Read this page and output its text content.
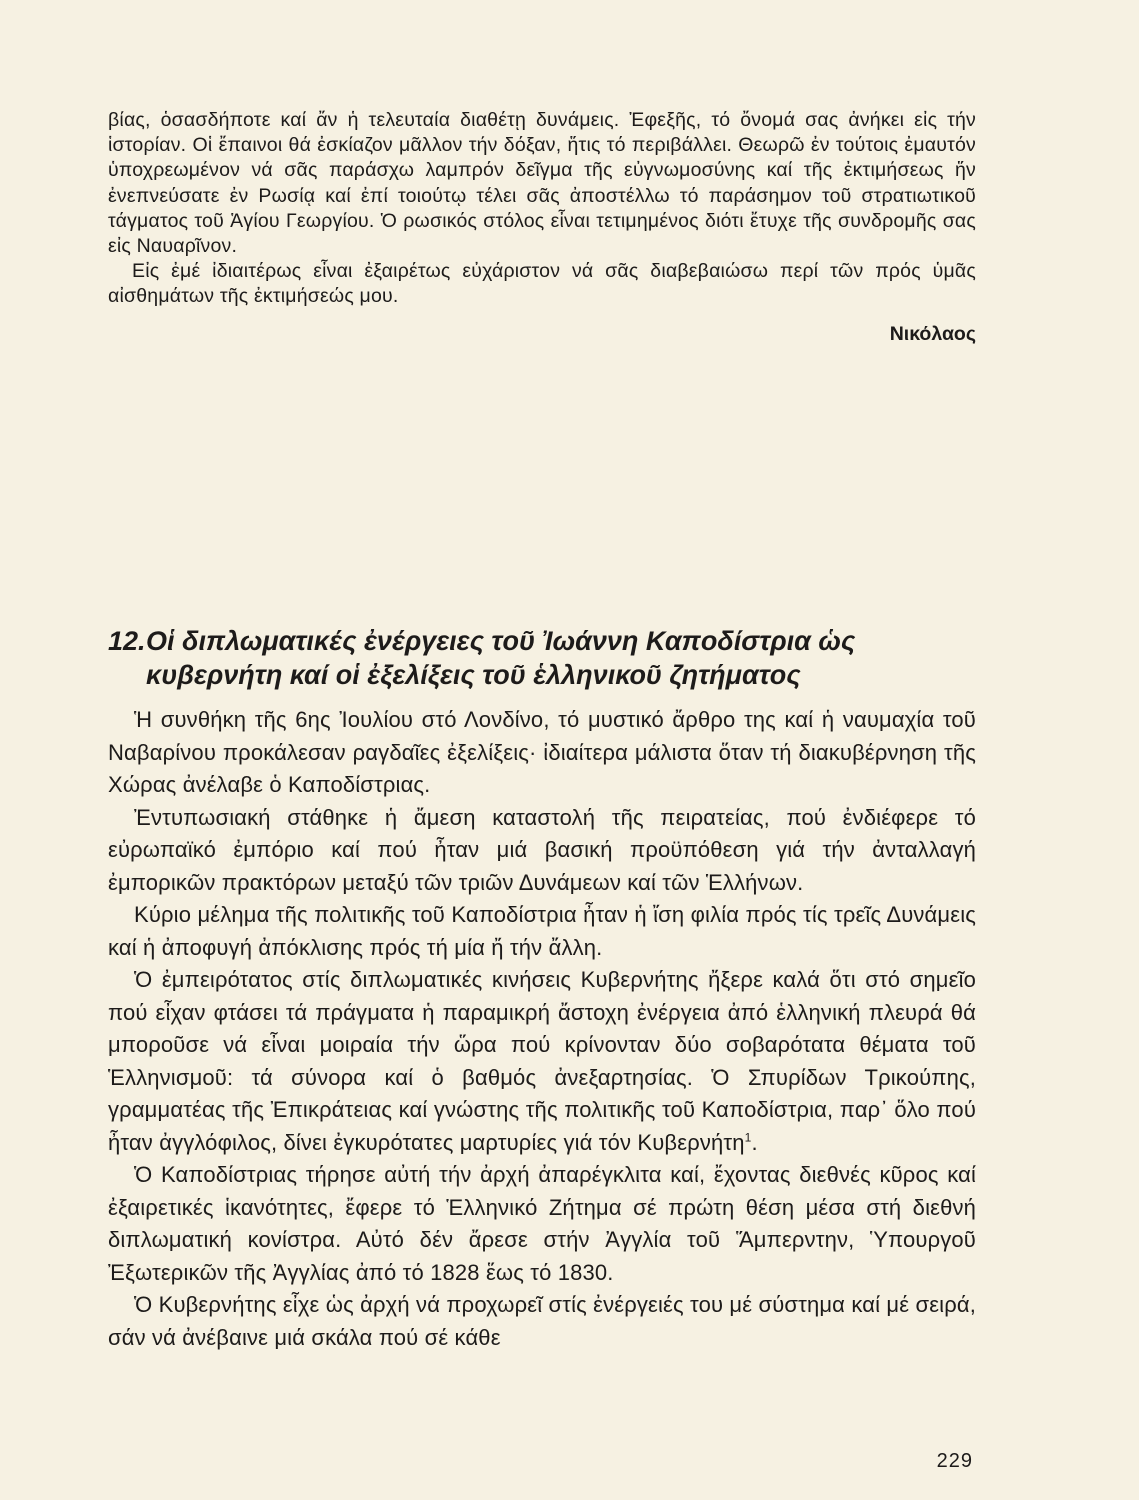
βίας, ὁσασδήποτε καί ἄν ἡ τελευταία διαθέτῃ δυνάμεις. Ἐφεξῆς, τό ὄνομά σας ἀνήκει εἰς τήν ἱστορίαν. Οἱ ἔπαινοι θά ἐσκίαζον μᾶλλον τήν δόξαν, ἥτις τό περιβάλλει. Θεωρῶ ἐν τούτοις ἐμαυτόν ὑποχρεωμένον νά σᾶς παράσχω λαμπρόν δεῖγμα τῆς εὐγνωμοσύνης καί τῆς ἐκτιμήσεως ἥν ἐνεπνεύσατε ἐν Ρωσίᾳ καί ἐπί τοιούτῳ τέλει σᾶς ἀποστέλλω τό παράσημον τοῦ στρατιωτικοῦ τάγματος τοῦ Ἁγίου Γεωργίου. Ὁ ρωσικός στόλος εἶναι τετιμημένος διότι ἔτυχε τῆς συνδρομῆς σας εἰς Ναυαρῖνον.

Εἰς ἐμέ ἰδιαιτέρως εἶναι ἐξαιρέτως εὐχάριστον νά σᾶς διαβεβαιώσω περί τῶν πρός ὑμᾶς αἰσθημάτων τῆς ἐκτιμήσεώς μου.

Νικόλαος
12.Οἱ διπλωματικές ἐνέργειες τοῦ Ἰωάννη Καποδίστρια ὡς
κυβερνήτη καί οἱ ἐξελίξεις τοῦ ἑλληνικοῦ ζητήματος

Ἡ συνθήκη τῆς 6ης Ἰουλίου στό Λονδίνο, τό μυστικό ἄρθρο της καί ἡ ναυμαχία τοῦ Ναβαρίνου προκάλεσαν ραγδαῖες ἐξελίξεις· ἰδιαίτερα μάλιστα ὅταν τή διακυβέρνηση τῆς Χώρας ἀνέλαβε ὁ Καποδίστριας.

Ἐντυπωσιακή στάθηκε ἡ ἄμεση καταστολή τῆς πειρατείας, πού ἐνδιέφερε τό εὐρωπαϊκό ἐμπόριο καί πού ἦταν μιά βασική προϋπόθεση γιά τήν ἀνταλλαγή ἐμπορικῶν πρακτόρων μεταξύ τῶν τριῶν Δυνάμεων καί τῶν Ἑλλήνων.

Κύριο μέλημα τῆς πολιτικῆς τοῦ Καποδίστρια ἦταν ἡ ἴση φιλία πρός τίς τρεῖς Δυνάμεις καί ἡ ἀποφυγή ἀπόκλισης πρός τή μία ἤ τήν ἄλλη.

Ὁ ἐμπειρότατος στίς διπλωματικές κινήσεις Κυβερνήτης ἤξερε καλά ὅτι στό σημεῖο πού εἶχαν φτάσει τά πράγματα ἡ παραμικρή ἄστοχη ἐνέργεια ἀπό ἑλληνική πλευρά θά μποροῦσε νά εἶναι μοιραία τήν ὥρα πού κρίνονταν δύο σοβαρότατα θέματα τοῦ Ἑλληνισμοῦ: τά σύνορα καί ὁ βαθμός ἀνεξαρτησίας. Ὁ Σπυρίδων Τρικούπης, γραμματέας τῆς Ἐπικράτειας καί γνώστης τῆς πολιτικῆς τοῦ Καποδίστρια, παρ᾽ ὅλο πού ἦταν ἀγγλόφιλος, δίνει ἐγκυρότατες μαρτυρίες γιά τόν Κυβερνήτη$^1$.

Ὁ Καποδίστριας τήρησε αὐτή τήν ἀρχή ἀπαρέγκλιτα καί, ἔχοντας διεθνές κῦρος καί ἐξαιρετικές ἱκανότητες, ἔφερε τό Ἑλληνικό Ζήτημα σέ πρώτη θέση μέσα στή διεθνή διπλωματική κονίστρα. Αὐτό δέν ἄρεσε στήν Ἀγγλία τοῦ Ἅμπερντην, Ὑπουργοῦ Ἐξωτερικῶν τῆς Ἀγγλίας ἀπό τό 1828 ἕως τό 1830.

Ὁ Κυβερνήτης εἶχε ὡς ἀρχή νά προχωρεῖ στίς ἐνέργειές του μέ σύστημα καί μέ σειρά, σάν νά ἀνέβαινε μιά σκάλα πού σέ κάθε

229
